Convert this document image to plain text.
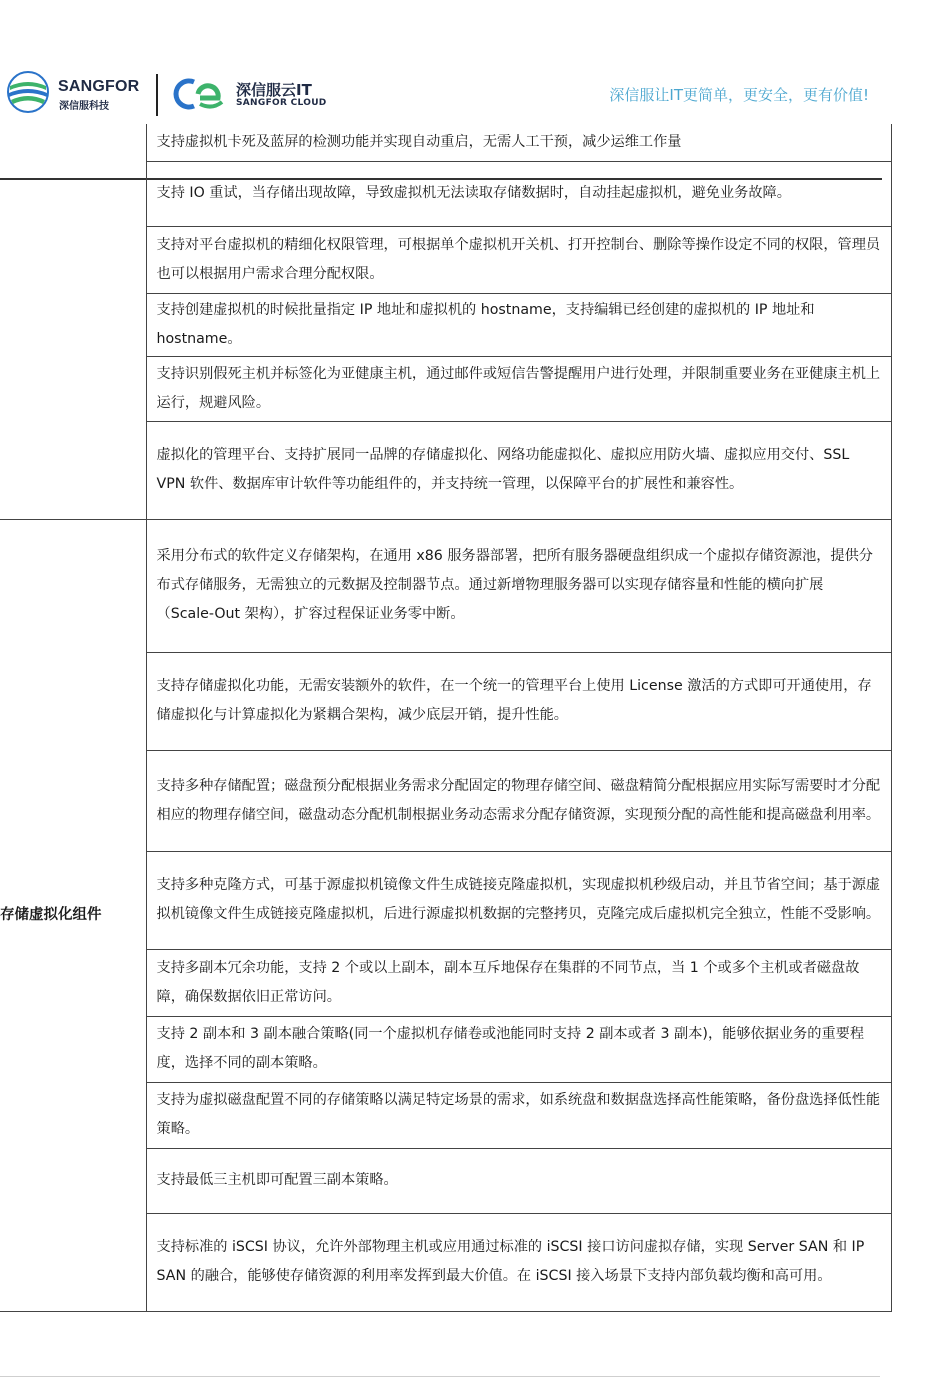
SANGFOR
深信服科技
深信服云IT
SANGFOR CLOUD	深信服让IT更简单，更安全，更有价值!
	支持虚拟机卡死及蓝屏的检测功能并实现自动重启，无需人工干预，减少运维工作量
	支持 IO 重试，当存储出现故障，导致虚拟机无法读取存储数据时，自动挂起虚拟机，避免业务故障。
	支持对平台虚拟机的精细化权限管理，可根据单个虚拟机开关机、打开控制台、删除等操作设定不同的权限，管理员也可以根据用户需求合理分配权限。
	支持创建虚拟机的时候批量指定 IP 地址和虚拟机的 hostname，支持编辑已经创建的虚拟机的 IP 地址和 hostname。
	支持识别假死主机并标签化为亚健康主机，通过邮件或短信告警提醒用户进行处理，并限制重要业务在亚健康主机上运行，规避风险。
	虚拟化的管理平台、支持扩展同一品牌的存储虚拟化、网络功能虚拟化、虚拟应用防火墙、虚拟应用交付、SSL VPN 软件、数据库审计软件等功能组件的，并支持统一管理，以保障平台的扩展性和兼容性。
存储虚拟化组件	采用分布式的软件定义存储架构，在通用 x86 服务器部署，把所有服务器硬盘组织成一个虚拟存储资源池，提供分布式存储服务，无需独立的元数据及控制器节点。通过新增物理服务器可以实现存储容量和性能的横向扩展（Scale-Out 架构），扩容过程保证业务零中断。
	支持存储虚拟化功能，无需安装额外的软件，在一个统一的管理平台上使用 License 激活的方式即可开通使用，存储虚拟化与计算虚拟化为紧耦合架构，减少底层开销，提升性能。
	支持多种存储配置；磁盘预分配根据业务需求分配固定的物理存储空间、磁盘精简分配根据应用实际写需要时才分配相应的物理存储空间，磁盘动态分配机制根据业务动态需求分配存储资源，实现预分配的高性能和提高磁盘利用率。
	支持多种克隆方式，可基于源虚拟机镜像文件生成链接克隆虚拟机，实现虚拟机秒级启动，并且节省空间；基于源虚拟机镜像文件生成链接克隆虚拟机，后进行源虚拟机数据的完整拷贝，克隆完成后虚拟机完全独立，性能不受影响。
	支持多副本冗余功能，支持 2 个或以上副本，副本互斥地保存在集群的不同节点，当 1 个或多个主机或者磁盘故障，确保数据依旧正常访问。
	支持 2 副本和 3 副本融合策略(同一个虚拟机存储卷或池能同时支持 2 副本或者 3 副本)，能够依据业务的重要程度，选择不同的副本策略。
	支持为虚拟磁盘配置不同的存储策略以满足特定场景的需求，如系统盘和数据盘选择高性能策略，备份盘选择低性能策略。
	支持最低三主机即可配置三副本策略。
	支持标准的 iSCSI 协议，允许外部物理主机或应用通过标准的 iSCSI 接口访问虚拟存储，实现 Server SAN 和 IP SAN 的融合，能够使存储资源的利用率发挥到最大价值。在 iSCSI 接入场景下支持内部负载均衡和高可用。
